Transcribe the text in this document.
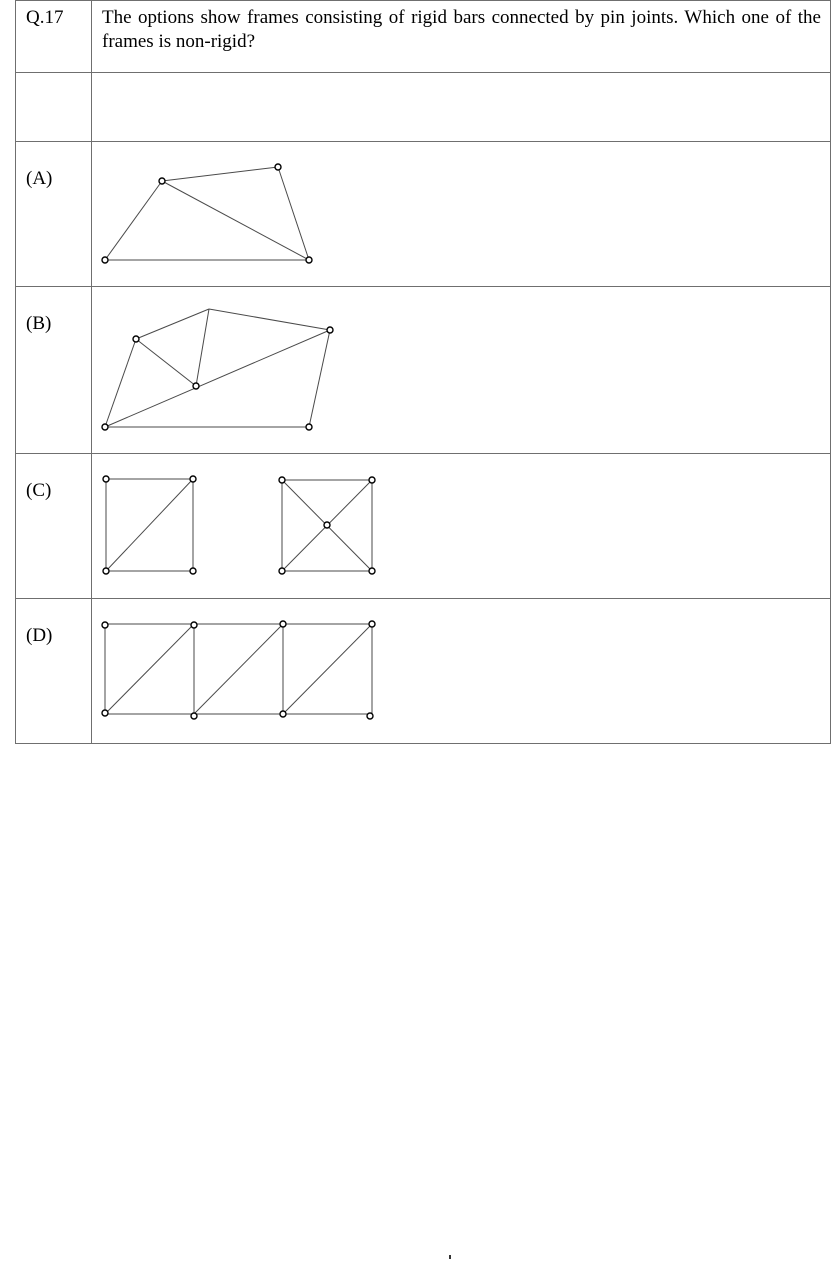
Q.17	The options show frames consisting of rigid bars connected by pin joints. Which one of the frames is non-rigid?

(A)

(B)

(C)

(D)
